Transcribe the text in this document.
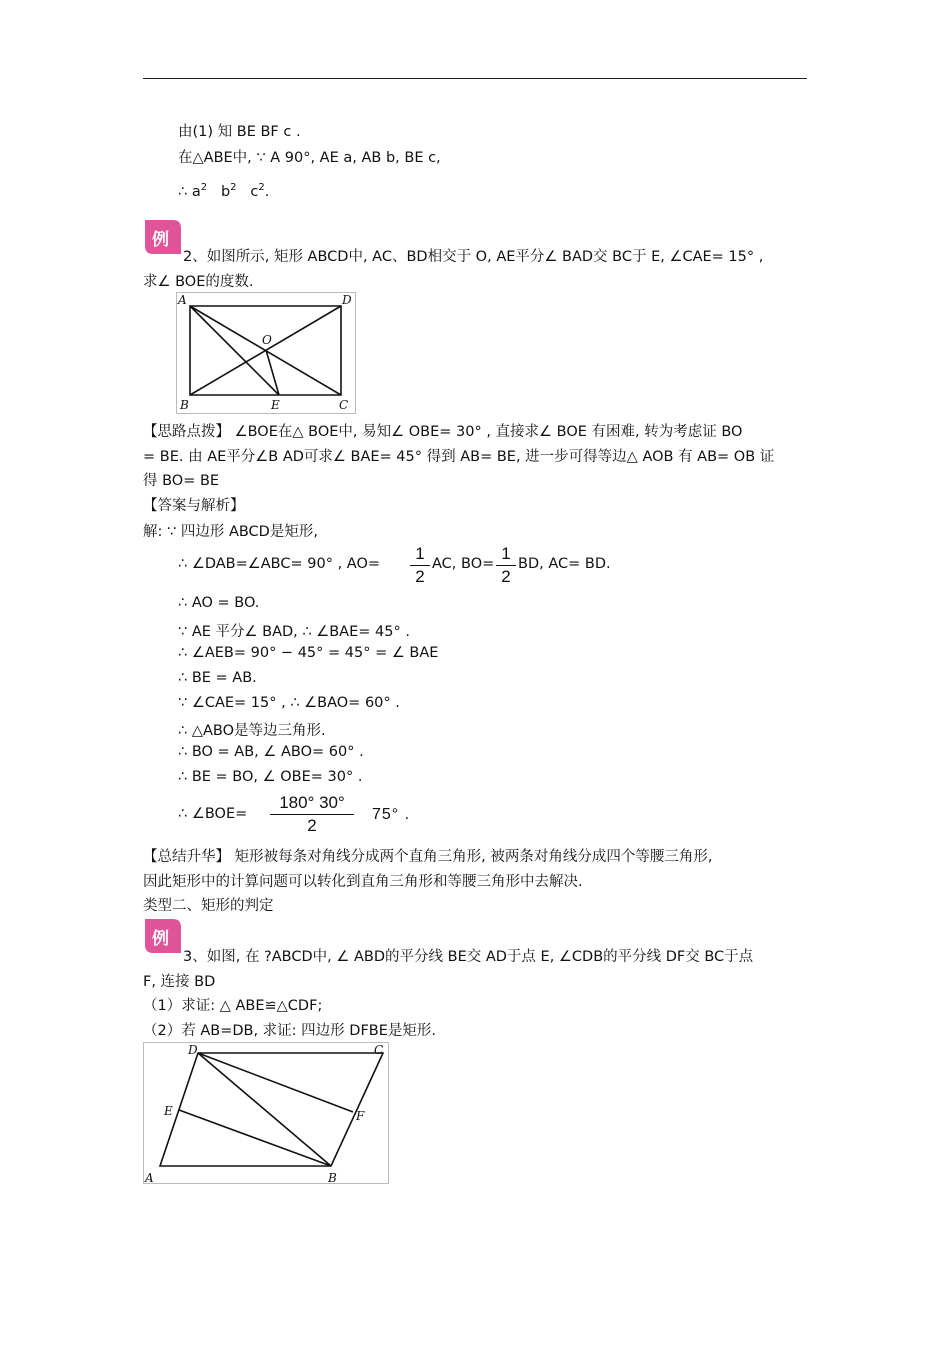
由(1) 知 BE BF c .
在△ABE中, ∵ A 90°, AE a, AB b, BE c,
∴ $a^2$ $b^2$ $c^2$.
例
2、如图所示, 矩形 ABCD中, AC、BD相交于 O, AE平分∠ BAD交 BC于 E, ∠CAE= 15° ,
求∠ BOE的度数.
A	D
O
B	E	C
【思路点拨】 ∠BOE在△ BOE中, 易知∠ OBE= 30° , 直接求∠ BOE 有困难, 转为考虑证 BO
= BE. 由 AE平分∠B AD可求∠ BAE= 45° 得到 AB= BE, 进一步可得等边△ AOB 有 AB= OB 证
得 BO= BE
【答案与解析】
解: ∵ 四边形 ABCD是矩形,
∴ ∠DAB=∠ABC= 90° , AO=
1
2
AC, BO=
1
2
BD, AC= BD.
∴ AO = BO.
∵ AE 平分∠ BAD, ∴ ∠BAE= 45° .
∴ ∠AEB= 90° − 45° = 45° = ∠ BAE
∴ BE = AB.
∵ ∠CAE= 15° , ∴ ∠BAO= 60° .
∴ △ABO是等边三角形.
∴ BO = AB, ∠ ABO= 60° .
∴ BE = BO, ∠ OBE= 30° .
∴ ∠BOE=
180° 30°
2
75° .
【总结升华】 矩形被每条对角线分成两个直角三角形, 被两条对角线分成四个等腰三角形,
因此矩形中的计算问题可以转化到直角三角形和等腰三角形中去解决.
类型二、矩形的判定
例
3、如图, 在 ?ABCD中, ∠ ABD的平分线 BE交 AD于点 E, ∠CDB的平分线 DF交 BC于点
F, 连接 BD
（1）求证: △ ABE≌△CDF;
（2）若 AB=DB, 求证: 四边形 DFBE是矩形.
D	C
E	F
A	B
